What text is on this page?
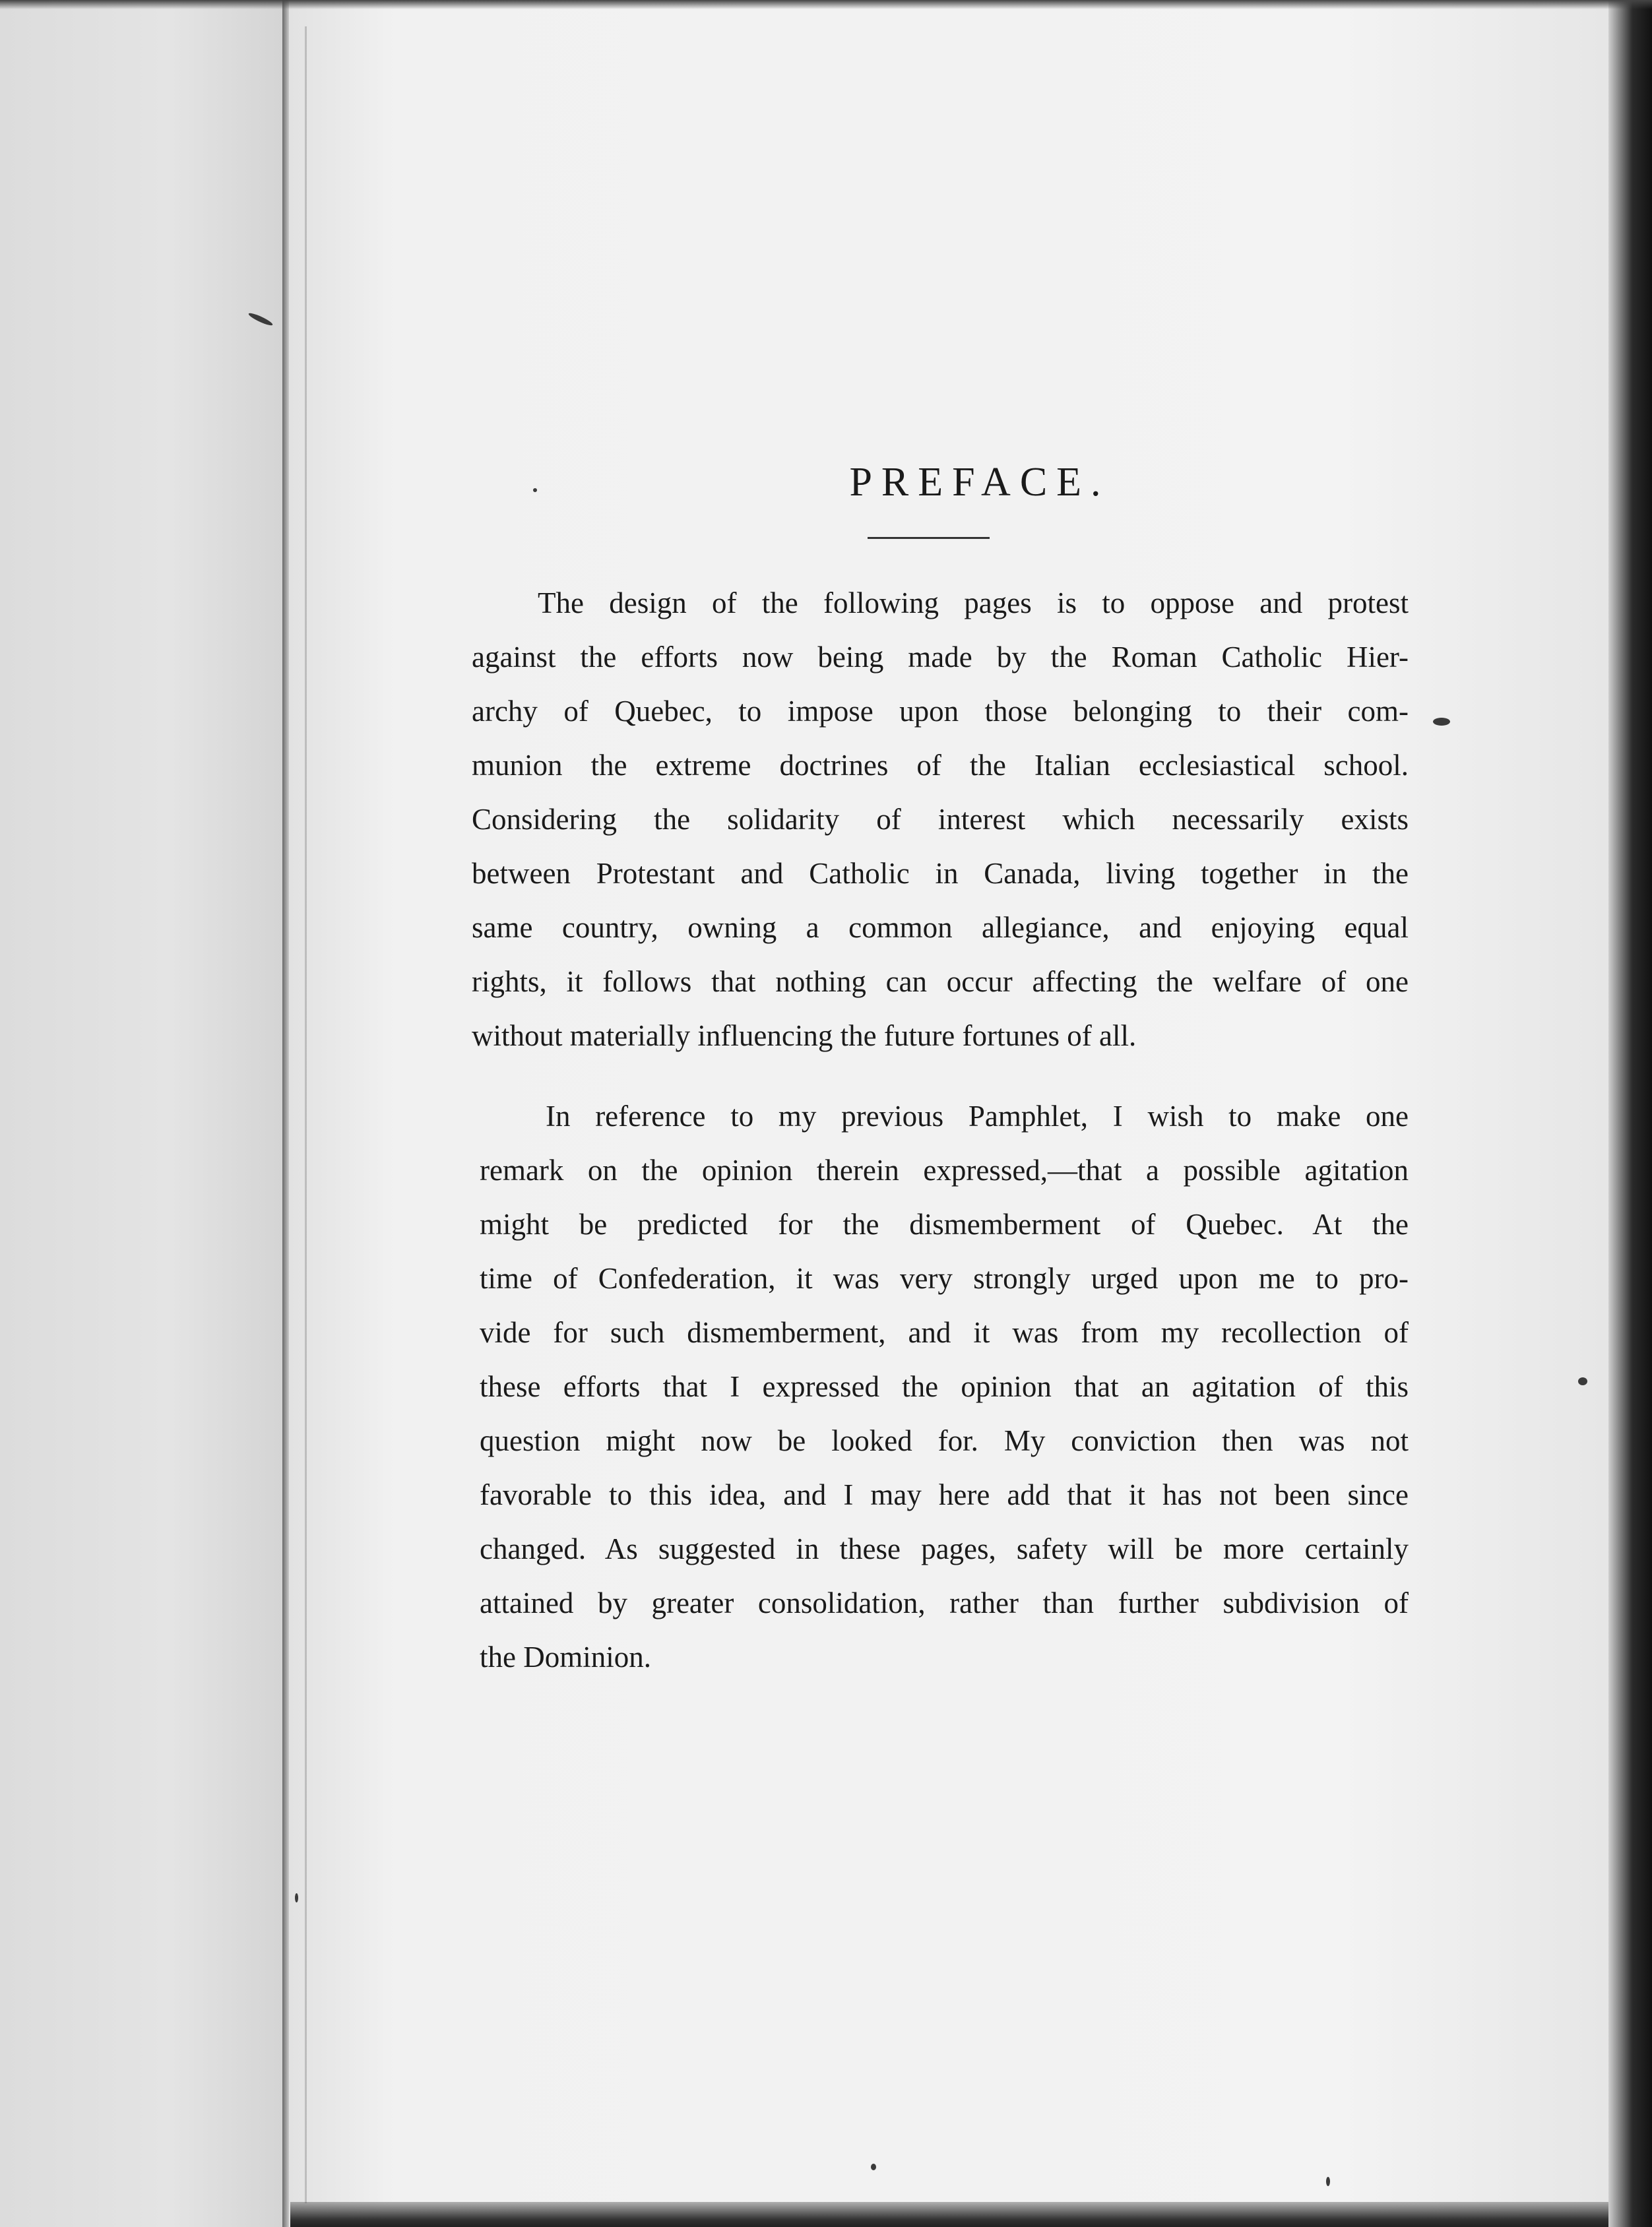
PREFACE.

The design of the following pages is to oppose and protest
against the efforts now being made by the Roman Catholic Hier-
archy of Quebec, to impose upon those belonging to their com-
munion the extreme doctrines of the Italian ecclesiastical school.
Considering the solidarity of interest which necessarily exists
between Protestant and Catholic in Canada, living together in the
same country, owning a common allegiance, and enjoying equal
rights, it follows that nothing can occur affecting the welfare of one
without materially influencing the future fortunes of all.

In reference to my previous Pamphlet, I wish to make one
remark on the opinion therein expressed,—that a possible agitation
might be predicted for the dismemberment of Quebec. At the
time of Confederation, it was very strongly urged upon me to pro-
vide for such dismemberment, and it was from my recollection of
these efforts that I expressed the opinion that an agitation of this
question might now be looked for. My conviction then was not
favorable to this idea, and I may here add that it has not been since
changed. As suggested in these pages, safety will be more certainly
attained by greater consolidation, rather than further subdivision of
the Dominion.
